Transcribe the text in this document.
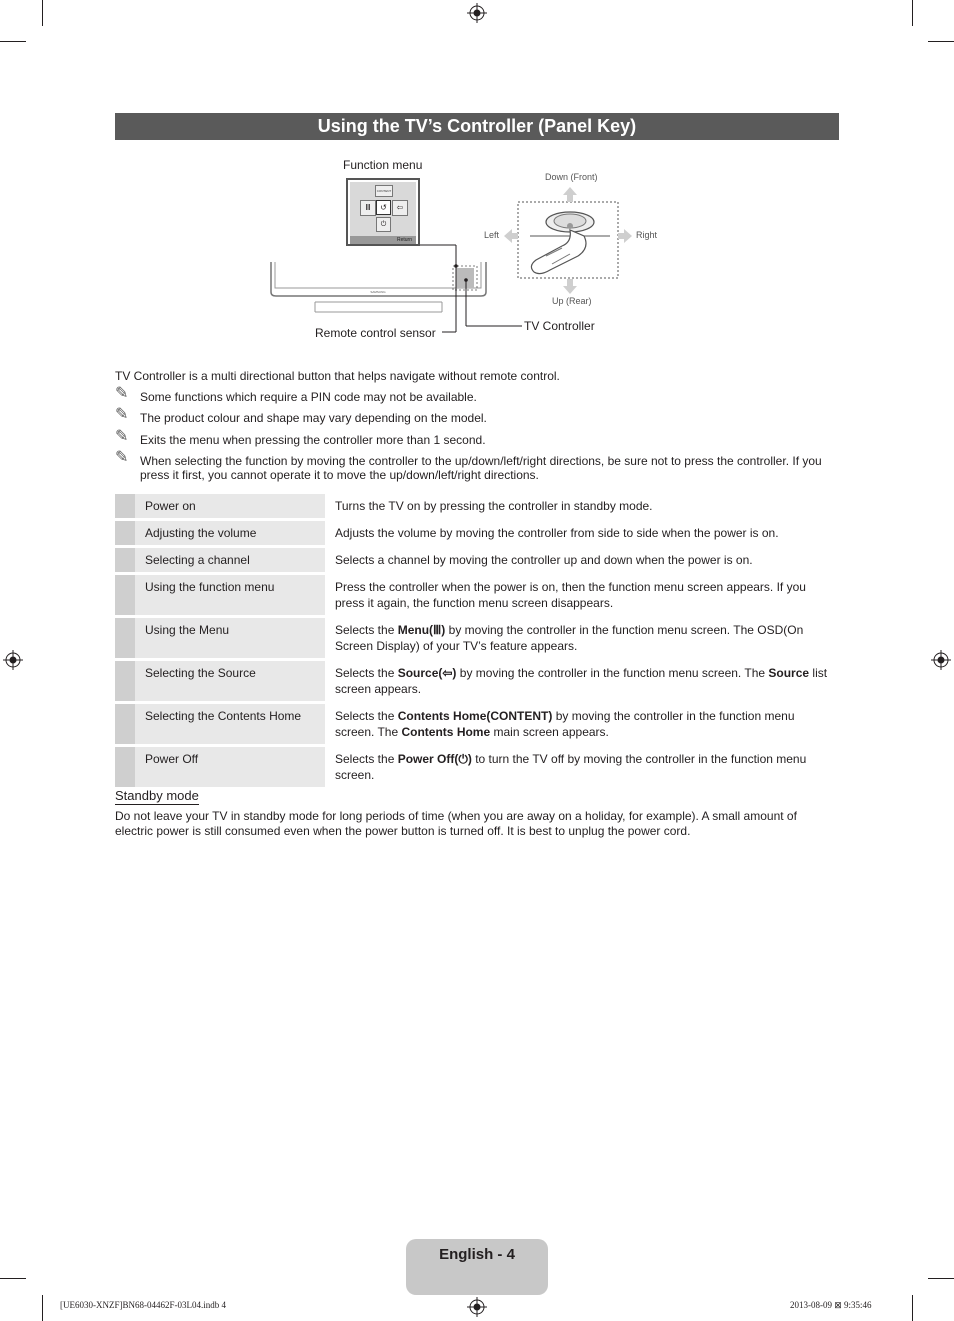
Using the TV’s Controller (Panel Key)
Function menu
CONTENT
Ⅲ	↺	⇦
⏻
Return
SAMSUNG
Down (Front)
Up (Rear)
Left	Right
Remote control sensor	TV Controller
TV Controller is a multi directional button that helps navigate without remote control.
✎ Some functions which require a PIN code may not be available.
✎ The product colour and shape may vary depending on the model.
✎ Exits the menu when pressing the controller more than 1 second.
✎ When selecting the function by moving the controller to the up/down/left/right directions, be sure not to press the controller. If you press it first, you cannot operate it to move the up/down/left/right directions.
	Power on		Turns the TV on by pressing the controller in standby mode.
	Adjusting the volume		Adjusts the volume by moving the controller from side to side when the power is on.
	Selecting a channel		Selects a channel by moving the controller up and down when the power is on.
	Using the function menu		Press the controller when the power is on, then the function menu screen appears. If you press it again, the function menu screen disappears.
	Using the Menu		Selects the Menu(Ⅲ) by moving the controller in the function menu screen. The OSD(On Screen Display) of your TV’s feature appears.
	Selecting the Source		Selects the Source(⇦) by moving the controller in the function menu screen. The Source list screen appears.
	Selecting the Contents Home		Selects the Contents Home(CONTENT) by moving the controller in the function menu screen. The Contents Home main screen appears.
	Power Off		Selects the Power Off(⏻) to turn the TV off by moving the controller in the function menu screen.
Standby mode
Do not leave your TV in standby mode for long periods of time (when you are away on a holiday, for example). A small amount of electric power is still consumed even when the power button is turned off. It is best to unplug the power cord.
English - 4
[UE6030-XNZF]BN68-04462F-03L04.indb 4	2013-08-09 ⊠ 9:35:46
